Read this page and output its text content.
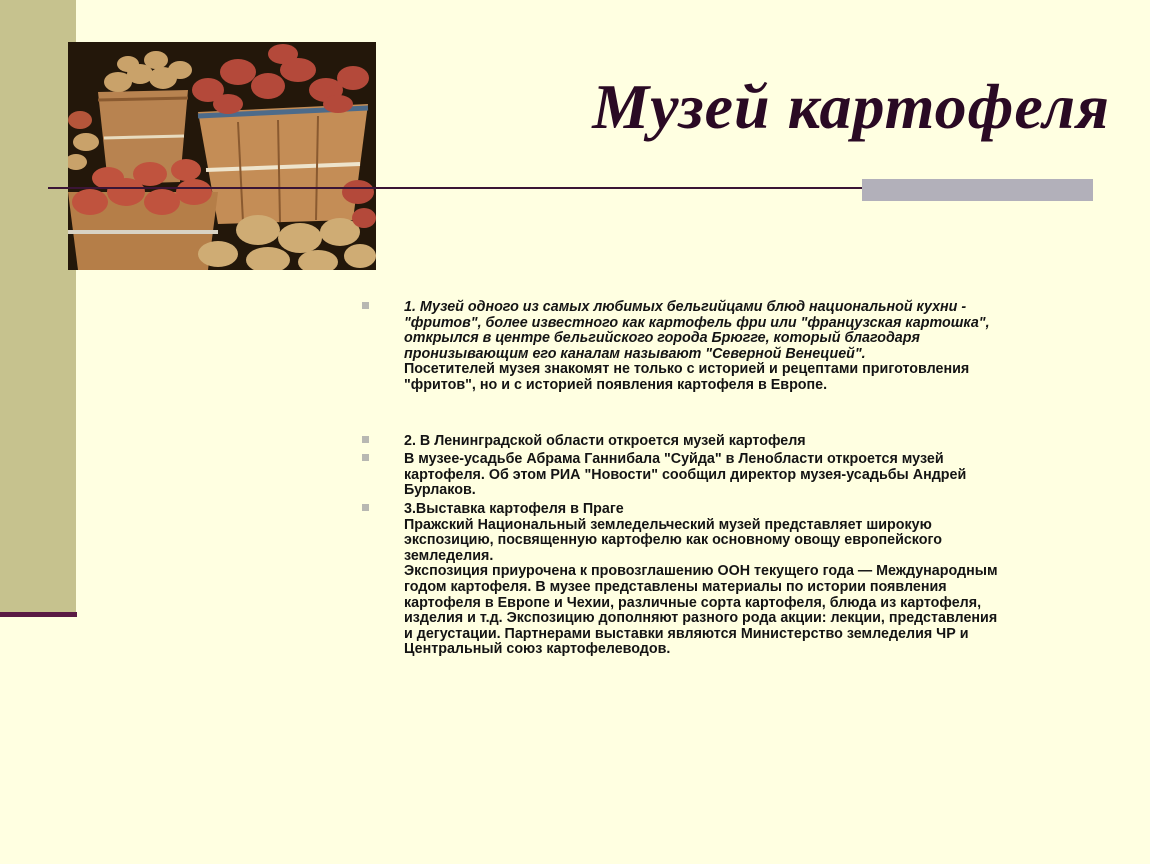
Музей картофеля

1. Музей одного из самых любимых бельгийцами блюд национальной кухни -

"фритов", более известного как картофель фри или "французская картошка",

открылся в центре бельгийского города Брюгге, который благодаря

пронизывающим его каналам называют "Северной Венецией".

Посетителей музея знакомят не только с историей и рецептами приготовления

"фритов", но и с историей появления картофеля в Европе.

2. В Ленинградской области откроется музей картофеля

В музее-усадьбе Абрама Ганнибала "Суйда" в Ленобласти откроется музей

картофеля. Об этом РИА "Новости" сообщил директор музея-усадьбы Андрей

Бурлаков.

3.Выставка картофеля в Праге

Пражский Национальный земледельческий музей представляет широкую

экспозицию, посвященную картофелю как основному овощу европейского

земледелия.

Экспозиция приурочена к провозглашению ООН текущего года — Международным

годом картофеля. В музее представлены материалы по истории появления

картофеля в Европе и Чехии, различные сорта картофеля, блюда из картофеля,

изделия и т.д. Экспозицию дополняют разного рода акции: лекции, представления

и дегустации. Партнерами выставки являются Министерство земледелия ЧР и

Центральный союз картофелеводов.
